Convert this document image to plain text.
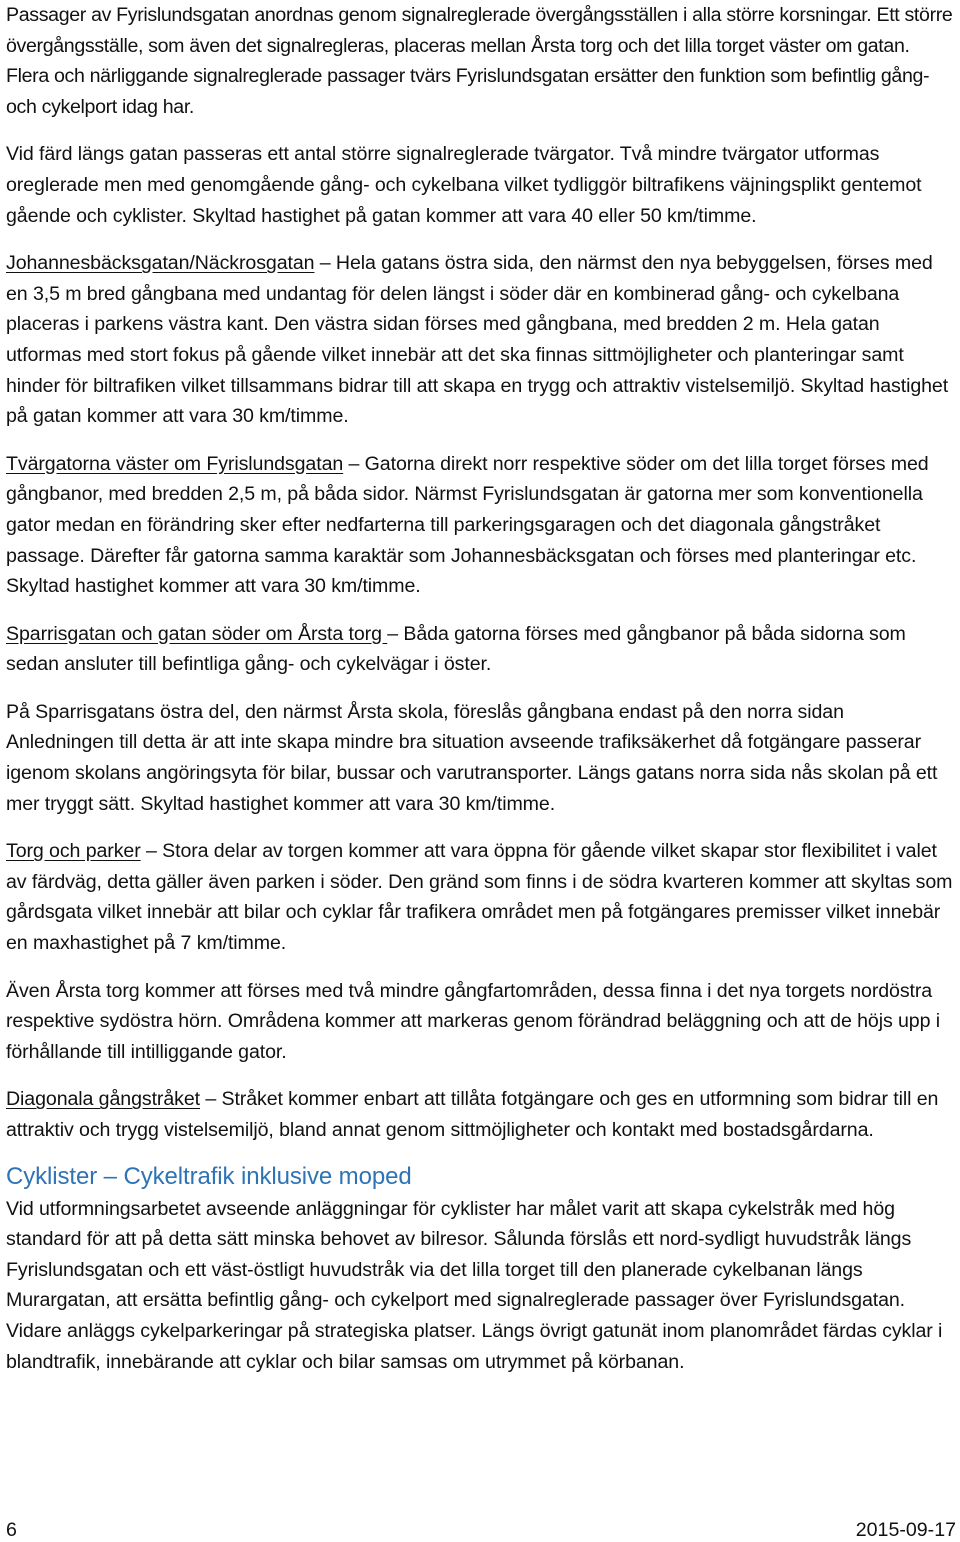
Passager av Fyrislundsgatan anordnas genom signalreglerade övergångsställen i alla större korsningar. Ett större övergångsställe, som även det signalregleras, placeras mellan Årsta torg och det lilla torget väster om gatan. Flera och närliggande signalreglerade passager tvärs Fyrislundsgatan ersätter den funktion som befintlig gång- och cykelport idag har.

Vid färd längs gatan passeras ett antal större signalreglerade tvärgator. Två mindre tvärgator utformas oreglerade men med genomgående gång- och cykelbana vilket tydliggör biltrafikens väjningsplikt gentemot gående och cyklister. Skyltad hastighet på gatan kommer att vara 40 eller 50 km/timme.

Johannesbäcksgatan/Näckrosgatan – Hela gatans östra sida, den närmst den nya bebyggelsen, förses med en 3,5 m bred gångbana med undantag för delen längst i söder där en kombinerad gång- och cykelbana placeras i parkens västra kant. Den västra sidan förses med gångbana, med bredden 2 m. Hela gatan utformas med stort fokus på gående vilket innebär att det ska finnas sittmöjligheter och planteringar samt hinder för biltrafiken vilket tillsammans bidrar till att skapa en trygg och attraktiv vistelsemiljö. Skyltad hastighet på gatan kommer att vara 30 km/timme.

Tvärgatorna väster om Fyrislundsgatan – Gatorna direkt norr respektive söder om det lilla torget förses med gångbanor, med bredden 2,5 m, på båda sidor. Närmst Fyrislundsgatan är gatorna mer som konventionella gator medan en förändring sker efter nedfarterna till parkeringsgaragen och det diagonala gångstråket passage. Därefter får gatorna samma karaktär som Johannesbäcksgatan och förses med planteringar etc. Skyltad hastighet kommer att vara 30 km/timme.

Sparrisgatan och gatan söder om Årsta torg – Båda gatorna förses med gångbanor på båda sidorna som sedan ansluter till befintliga gång- och cykelvägar i öster.

På Sparrisgatans östra del, den närmst Årsta skola, föreslås gångbana endast på den norra sidan Anledningen till detta är att inte skapa mindre bra situation avseende trafiksäkerhet då fotgängare passerar igenom skolans angöringsyta för bilar, bussar och varutransporter. Längs gatans norra sida nås skolan på ett mer tryggt sätt. Skyltad hastighet kommer att vara 30 km/timme.

Torg och parker – Stora delar av torgen kommer att vara öppna för gående vilket skapar stor flexibilitet i valet av färdväg, detta gäller även parken i söder. Den gränd som finns i de södra kvarteren kommer att skyltas som gårdsgata vilket innebär att bilar och cyklar får trafikera området men på fotgängares premisser vilket innebär en maxhastighet på 7 km/timme.

Även Årsta torg kommer att förses med två mindre gångfartområden, dessa finna i det nya torgets nordöstra respektive sydöstra hörn. Områdena kommer att markeras genom förändrad beläggning och att de höjs upp i förhållande till intilliggande gator.

Diagonala gångstråket – Stråket kommer enbart att tillåta fotgängare och ges en utformning som bidrar till en attraktiv och trygg vistelsemiljö, bland annat genom sittmöjligheter och kontakt med bostadsgårdarna.

Cyklister – Cykeltrafik inklusive moped

Vid utformningsarbetet avseende anläggningar för cyklister har målet varit att skapa cykelstråk med hög standard för att på detta sätt minska behovet av bilresor. Sålunda förslås ett nord-sydligt huvudstråk längs Fyrislundsgatan och ett väst-östligt huvudstråk via det lilla torget till den planerade cykelbanan längs Murargatan, att ersätta befintlig gång- och cykelport med signalreglerade passager över Fyrislundsgatan. Vidare anläggs cykelparkeringar på strategiska platser. Längs övrigt gatunät inom planområdet färdas cyklar i blandtrafik, innebärande att cyklar och bilar samsas om utrymmet på körbanan.

6	2015-09-17
